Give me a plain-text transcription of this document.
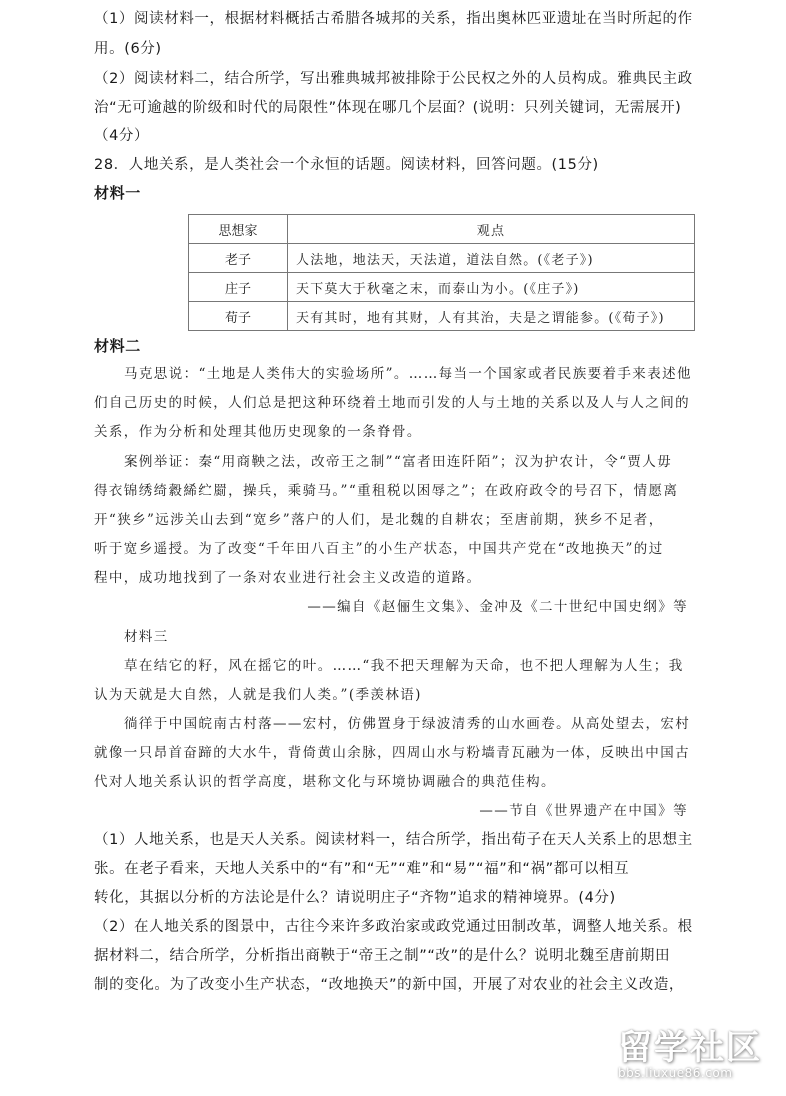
（1）阅读材料一，根据材料概括古希腊各城邦的关系，指出奥林匹亚遗址在当时所起的作
用。(6分)
（2）阅读材料二，结合所学，写出雅典城邦被排除于公民权之外的人员构成。雅典民主政
治“无可逾越的阶级和时代的局限性”体现在哪几个层面？(说明：只列关键词，无需展开)
（4分）
28．人地关系，是人类社会一个永恒的话题。阅读材料，回答问题。(15分)
材料一
思想家	观点
老子	人法地，地法天，天法道，道法自然。(《老子》)
庄子	天下莫大于秋毫之末，而泰山为小。(《庄子》)
荀子	天有其时，地有其财，人有其治，夫是之谓能参。(《荀子》)
材料二
马克思说：“土地是人类伟大的实验场所”。……每当一个国家或者民族要着手来表述他
们自己历史的时候，人们总是把这种环绕着土地而引发的人与土地的关系以及人与人之间的
关系，作为分析和处理其他历史现象的一条脊骨。
案例举证：秦“用商鞅之法，改帝王之制”“富者田连阡陌”；汉为护农计，令“贾人毋
得衣锦绣绮縠絺纻罽，操兵，乘骑马。”“重租税以困辱之”；在政府政令的号召下，情愿离
开“狭乡”远涉关山去到“宽乡”落户的人们，是北魏的自耕农；至唐前期，狭乡不足者，
听于宽乡遥授。为了改变“千年田八百主”的小生产状态，中国共产党在“改地换天”的过
程中，成功地找到了一条对农业进行社会主义改造的道路。
——编自《赵俪生文集》、金冲及《二十世纪中国史纲》等
材料三
草在结它的籽，风在摇它的叶。……“我不把天理解为天命，也不把人理解为人生；我
认为天就是大自然，人就是我们人类。”(季羡林语)
徜徉于中国皖南古村落——宏村，仿佛置身于绿波清秀的山水画卷。从高处望去，宏村
就像一只昂首奋蹄的大水牛，背倚黄山余脉，四周山水与粉墙青瓦融为一体，反映出中国古
代对人地关系认识的哲学高度，堪称文化与环境协调融合的典范佳构。
——节自《世界遗产在中国》等
（1）人地关系，也是天人关系。阅读材料一，结合所学，指出荀子在天人关系上的思想主
张。在老子看来，天地人关系中的“有”和“无”“难”和“易”“福”和“祸”都可以相互
转化，其据以分析的方法论是什么？请说明庄子“齐物”追求的精神境界。(4分)
（2）在人地关系的图景中，古往今来许多政治家或政党通过田制改革，调整人地关系。根
据材料二，结合所学，分析指出商鞅于“帝王之制”“改”的是什么？说明北魏至唐前期田
制的变化。为了改变小生产状态，“改地换天”的新中国，开展了对农业的社会主义改造，
留学社区
bbs.liuxue86.com
